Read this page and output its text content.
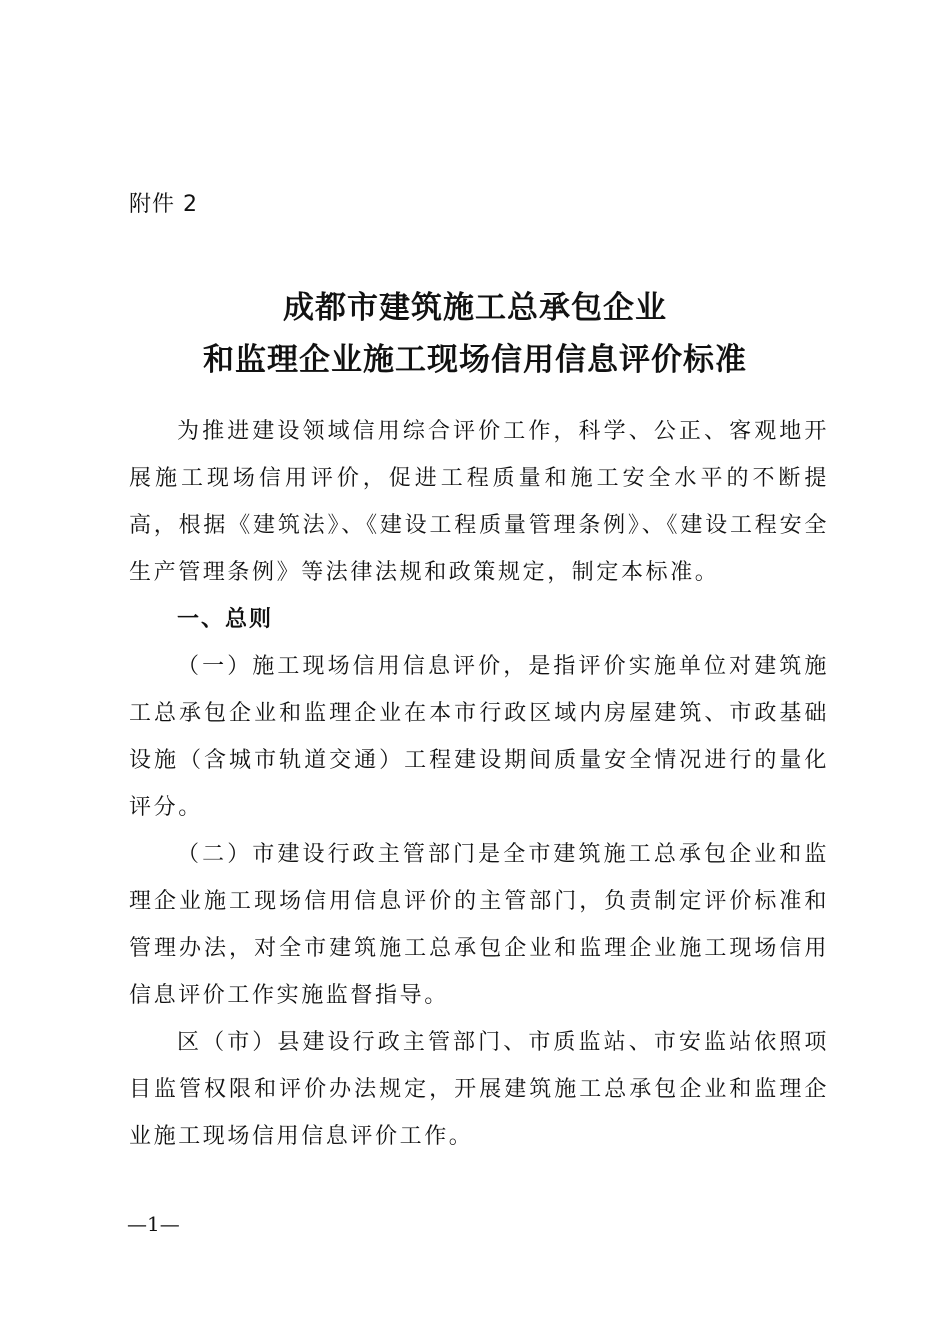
附件 2
成都市建筑施工总承包企业
和监理企业施工现场信用信息评价标准

为推进建设领域信用综合评价工作，科学、公正、客观地开展施工现场信用评价，促进工程质量和施工安全水平的不断提高，根据《建筑法》、《建设工程质量管理条例》、《建设工程安全生产管理条例》等法律法规和政策规定，制定本标准。

一、总则

（一）施工现场信用信息评价，是指评价实施单位对建筑施工总承包企业和监理企业在本市行政区域内房屋建筑、市政基础设施（含城市轨道交通）工程建设期间质量安全情况进行的量化评分。

（二）市建设行政主管部门是全市建筑施工总承包企业和监理企业施工现场信用信息评价的主管部门，负责制定评价标准和管理办法，对全市建筑施工总承包企业和监理企业施工现场信用信息评价工作实施监督指导。

区（市）县建设行政主管部门、市质监站、市安监站依照项目监管权限和评价办法规定，开展建筑施工总承包企业和监理企业施工现场信用信息评价工作。

—1—
